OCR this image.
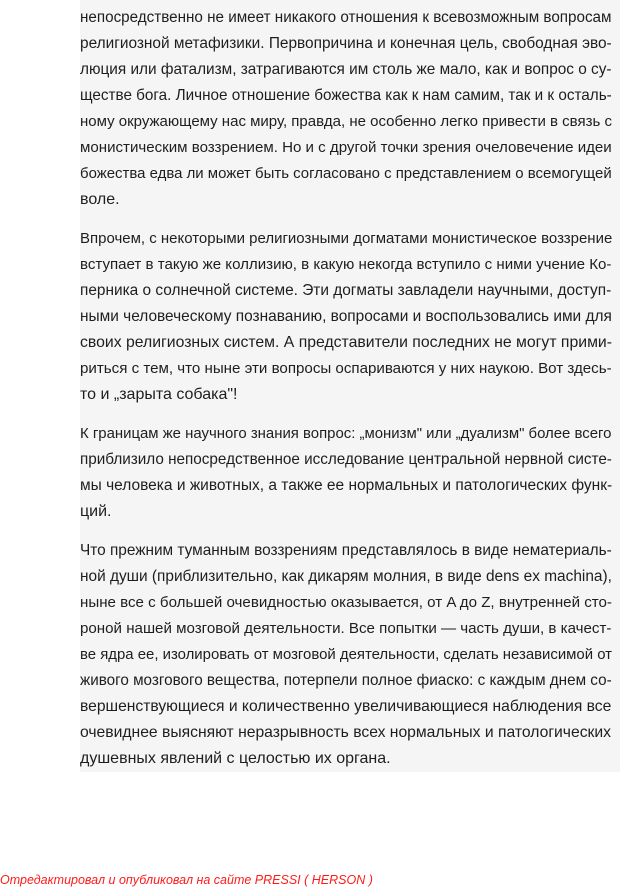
непосредственно не имеет никакого отношения к всевозможным вопросам
религиозной метафизики. Первопричина и конечная цель, свободная эво-
люция или фатализм, затрагиваются им столь же мало, как и вопрос о су-
ществе бога. Личное отношение божества как к нам самим, так и к осталь-
ному окружающему нас миру, правда, не особенно легко привести в связь с
монистическим воззрением. Но и с другой точки зрения очеловечение идеи
божества едва ли может быть согласовано с представлением о всемогущей
воле.
Впрочем, с некоторыми религиозными догматами монистическое воззрение
вступает в такую же коллизию, в какую некогда вступило с ними учение Ко-
перника о солнечной системе. Эти догматы завладели научными, доступ-
ными человеческому познаванию, вопросами и воспользовались ими для
своих религиозных систем. А представители последних не могут прими-
риться с тем, что ныне эти вопросы оспариваются у них наукою. Вот здесь-
то и „зарыта собака"!
К границам же научного знания вопрос: „монизм" или „дуализм" более всего
приблизило непосредственное исследование центральной нервной систе-
мы человека и животных, а также ее нормальных и патологических функ-
ций.
Что прежним туманным воззрениям представлялось в виде нематериаль-
ной души (приблизительно, как дикарям молния, в виде dens ex machina),
ныне все с большей очевидностью оказывается, от A до Z, внутренней сто-
роной нашей мозговой деятельности. Все попытки — часть души, в качест-
ве ядра ее, изолировать от мозговой деятельности, сделать независимой от
живого мозгового вещества, потерпели полное фиаско: с каждым днем со-
вершенствующиеся и количественно увеличивающиеся наблюдения все
очевиднее выясняют неразрывность всех нормальных и патологических
душевных явлений с целостью их органа.
Отредактировал и опубликовал на сайте PRESSI ( HERSON )
